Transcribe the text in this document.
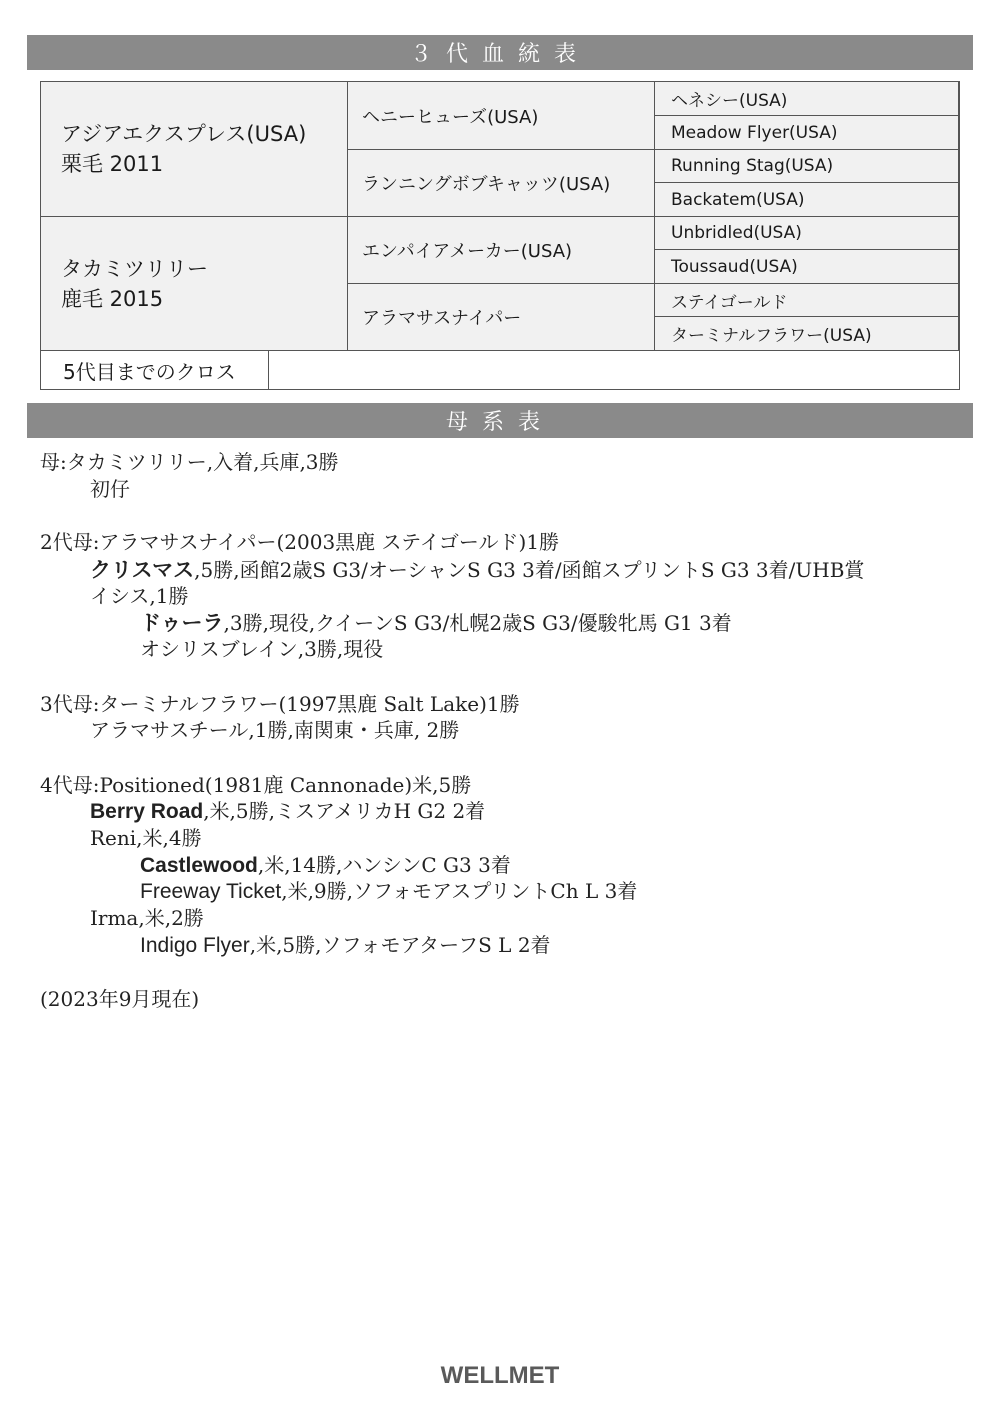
３代血統表
アジアエクスプレス(USA)
栗毛 2011
タカミツリリー
鹿毛 2015
ヘニーヒューズ(USA)
ランニングボブキャッツ(USA)
エンパイアメーカー(USA)
アラマサスナイパー
ヘネシー(USA)
Meadow Flyer(USA)
Running Stag(USA)
Backatem(USA)
Unbridled(USA)
Toussaud(USA)
ステイゴールド
ターミナルフラワー(USA)
5代目までのクロス
母系表
母:タカミツリリー,入着,兵庫,3勝
初仔
2代母:アラマサスナイパー(2003黒鹿 ステイゴールド)1勝
クリスマス,5勝,函館2歳S G3/オーシャンS G3 3着/函館スプリントS G3 3着/UHB賞
イシス,1勝
ドゥーラ,3勝,現役,クイーンS G3/札幌2歳S G3/優駿牝馬 G1 3着
オシリスブレイン,3勝,現役
3代母:ターミナルフラワー(1997黒鹿 Salt Lake)1勝
アラマサスチール,1勝,南関東・兵庫, 2勝
4代母:Positioned(1981鹿 Cannonade)米,5勝
Berry Road,米,5勝,ミスアメリカH G2 2着
Reni,米,4勝
Castlewood,米,14勝,ハンシンC G3 3着
Freeway Ticket,米,9勝,ソフォモアスプリントCh L 3着
Irma,米,2勝
Indigo Flyer,米,5勝,ソフォモアターフS L 2着
(2023年9月現在)
WELLMET
